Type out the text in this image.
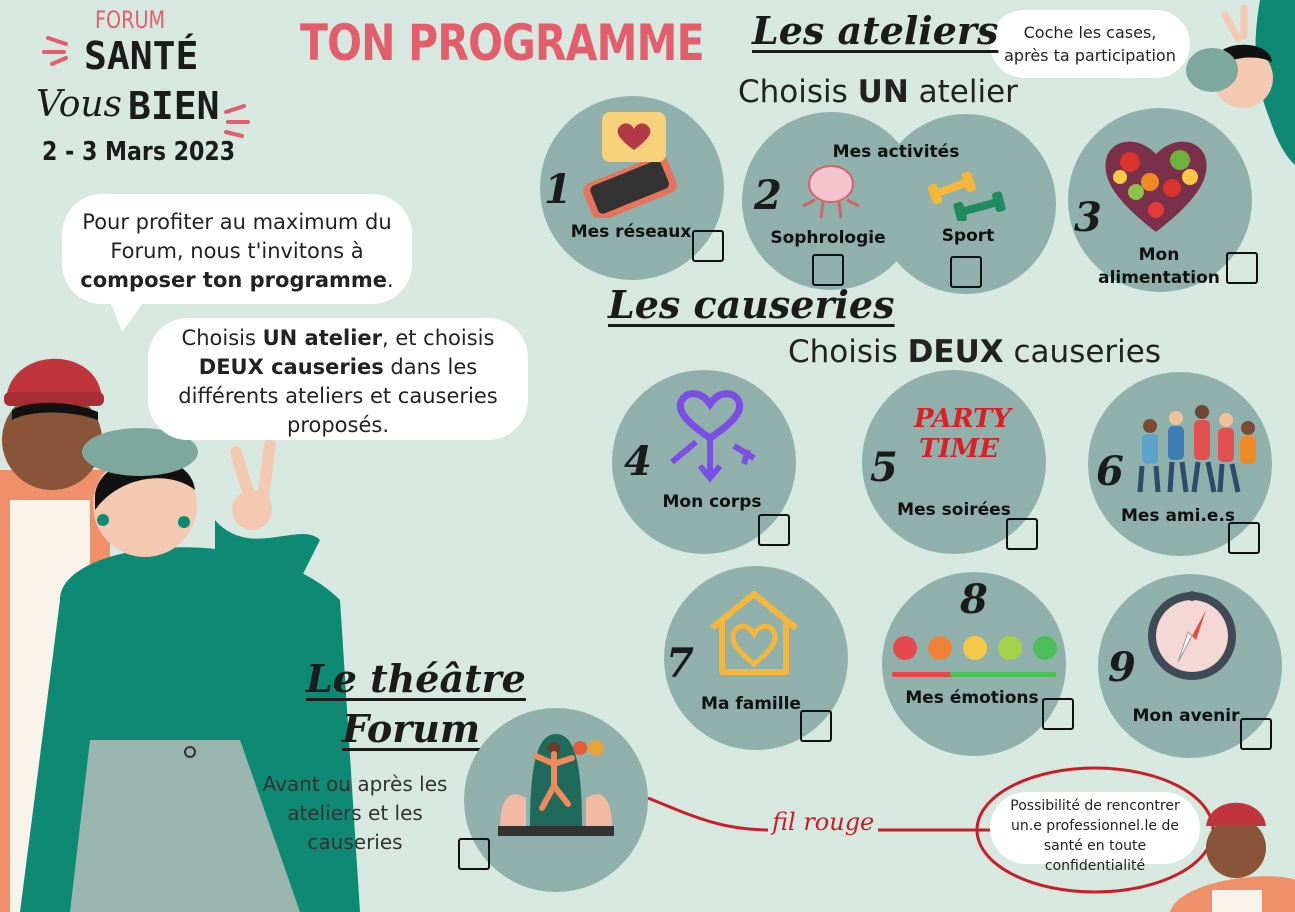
FORUM
SANTÉ
Vous BIEN
2 - 3 Mars 2023
TON PROGRAMME
Pour profiter au maximum du Forum, nous t'invitons à composer ton programme.
Choisis UN atelier, et choisis DEUX causeries dans les différents ateliers et causeries proposés.
Coche les cases, après ta participation
Les ateliers
Choisis UN atelier
1
Mes réseaux
Mes activités
2
Sophrologie	Sport 3
Mon alimentation
Les causeries
Choisis DEUX causeries
4
Mon corps
PARTY
TIME
5
Mes soirées
6
Mes ami.e.s
7
Ma famille
8
Mes émotions
9
Mon avenir
Le théâtre
Forum
Avant ou après les ateliers et les causeries
fil rouge
Possibilité de rencontrer un.e professionnel.le de santé en toute confidentialité
